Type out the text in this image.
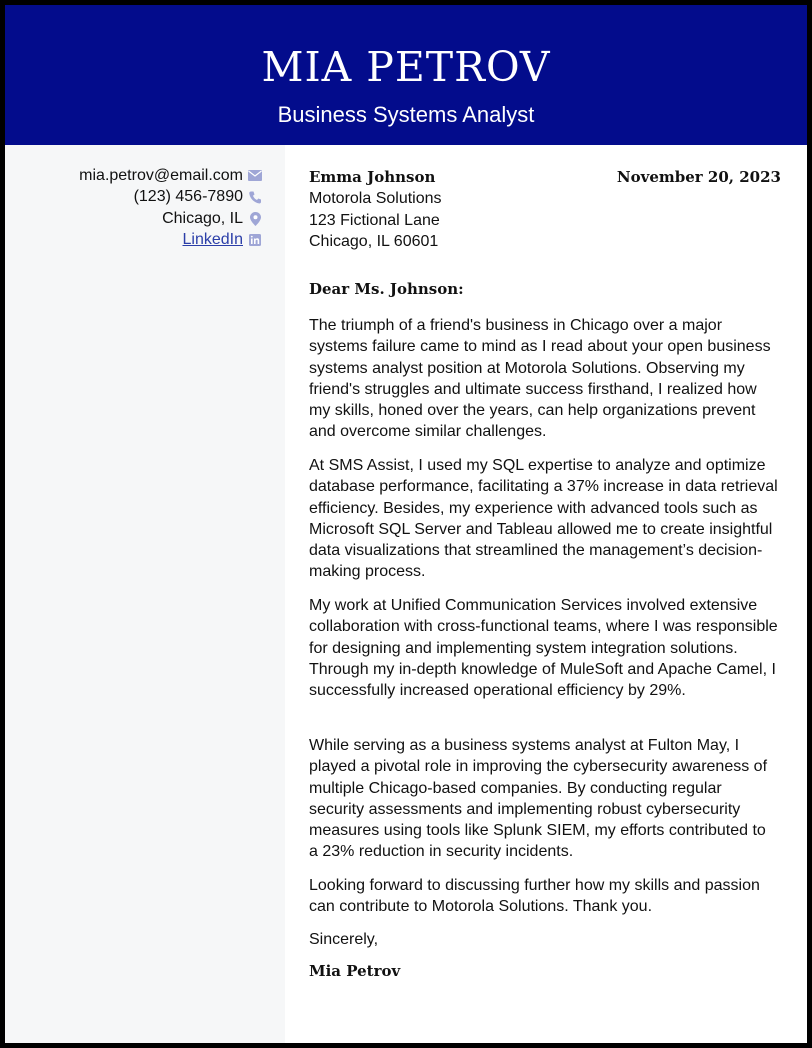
MIA PETROV
Business Systems Analyst
mia.petrov@email.com
(123) 456-7890
Chicago, IL
LinkedIn
Emma Johnson
Motorola Solutions
123 Fictional Lane
Chicago, IL 60601
November 20, 2023
Dear Ms. Johnson:

The triumph of a friend's business in Chicago over a major systems failure came to mind as I read about your open business systems analyst position at Motorola Solutions. Observing my friend's struggles and ultimate success firsthand, I realized how my skills, honed over the years, can help organizations prevent and overcome similar challenges.

At SMS Assist, I used my SQL expertise to analyze and optimize database performance, facilitating a 37% increase in data retrieval efficiency. Besides, my experience with advanced tools such as Microsoft SQL Server and Tableau allowed me to create insightful data visualizations that streamlined the management’s decision-making process.

My work at Unified Communication Services involved extensive collaboration with cross-functional teams, where I was responsible for designing and implementing system integration solutions. Through my in-depth knowledge of MuleSoft and Apache Camel, I successfully increased operational efficiency by 29%.

While serving as a business systems analyst at Fulton May, I played a pivotal role in improving the cybersecurity awareness of multiple Chicago-based companies. By conducting regular security assessments and implementing robust cybersecurity measures using tools like Splunk SIEM, my efforts contributed to a 23% reduction in security incidents.

Looking forward to discussing further how my skills and passion can contribute to Motorola Solutions. Thank you.

Sincerely,
Mia Petrov
